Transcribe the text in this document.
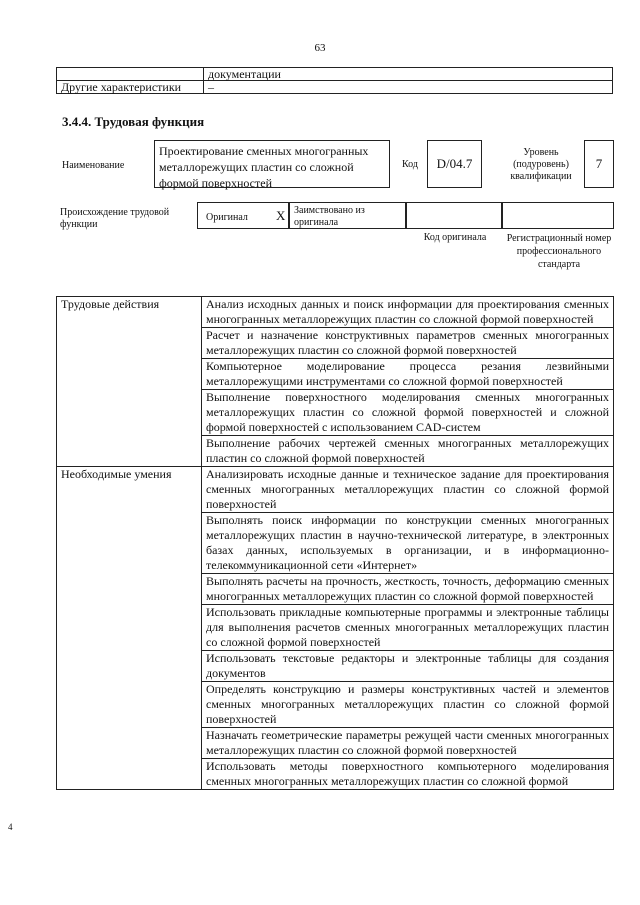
63
	документации
Другие характеристики	–
3.4.4. Трудовая функция
Наименование
Проектирование сменных многогранных металлорежущих пластин со сложной формой поверхностей
Код	D/04.7
Уровень (подуровень) квалификации
7
Происхождение трудовой функции
Оригинал X Заимствовано из оригинала
Код оригинала	Регистрационный номер профессионального стандарта
Трудовые действия	Анализ исходных данных и поиск информации для проектирования сменных многогранных металлорежущих пластин со сложной формой поверхностей
	Расчет и назначение конструктивных параметров сменных многогранных металлорежущих пластин со сложной формой поверхностей
	Компьютерное моделирование процесса резания лезвийными металлорежущими инструментами со сложной формой поверхностей
	Выполнение поверхностного моделирования сменных многогранных металлорежущих пластин со сложной формой поверхностей и сложной формой поверхностей с использованием CAD-систем
	Выполнение рабочих чертежей сменных многогранных металлорежущих пластин со сложной формой поверхностей
Необходимые умения	Анализировать исходные данные и техническое задание для проектирования сменных многогранных металлорежущих пластин со сложной формой поверхностей
	Выполнять поиск информации по конструкции сменных многогранных металлорежущих пластин в научно-технической литературе, в электронных базах данных, используемых в организации, и в информационно-телекоммуникационной сети «Интернет»
	Выполнять расчеты на прочность, жесткость, точность, деформацию сменных многогранных металлорежущих пластин со сложной формой поверхностей
	Использовать прикладные компьютерные программы и электронные таблицы для выполнения расчетов сменных многогранных металлорежущих пластин со сложной формой поверхностей
	Использовать текстовые редакторы и электронные таблицы для создания документов
	Определять конструкцию и размеры конструктивных частей и элементов сменных многогранных металлорежущих пластин со сложной формой поверхностей
	Назначать геометрические параметры режущей части сменных многогранных металлорежущих пластин со сложной формой поверхностей
	Использовать методы поверхностного компьютерного моделирования сменных многогранных металлорежущих пластин со сложной формой
4
